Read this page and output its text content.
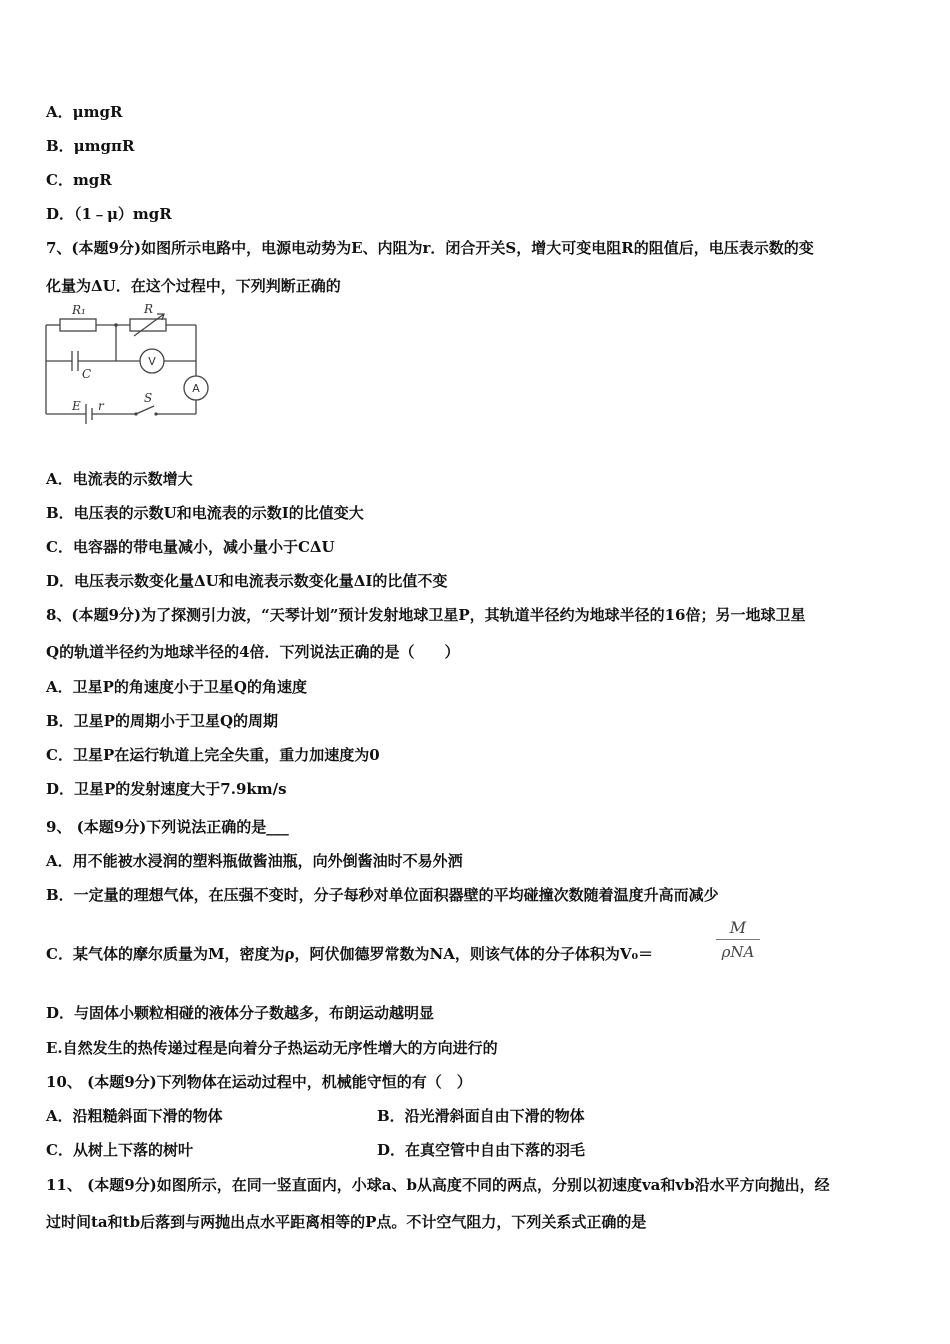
A．μmgR
B．μmgπR
C．mgR
D．（1﹣μ）mgR
7、(本题9分)如图所示电路中，电源电动势为E、内阻为r．闭合开关S，增大可变电阻R的阻值后，电压表示数的变
化量为ΔU．在这个过程中，下列判断正确的
R₁	R
C
E r
S
V
A
A．电流表的示数增大
B．电压表的示数U和电流表的示数I的比值变大
C．电容器的带电量减小，减小量小于CΔU
D．电压表示数变化量ΔU和电流表示数变化量ΔI的比值不变
8、(本题9分)为了探测引力波，“天琴计划”预计发射地球卫星P，其轨道半径约为地球半径的16倍；另一地球卫星
Q的轨道半径约为地球半径的4倍．下列说法正确的是（　　）
A．卫星P的角速度小于卫星Q的角速度
B．卫星P的周期小于卫星Q的周期
C．卫星P在运行轨道上完全失重，重力加速度为0
D．卫星P的发射速度大于7.9km/s
9、 (本题9分)下列说法正确的是___
A．用不能被水浸润的塑料瓶做酱油瓶，向外倒酱油时不易外洒
B．一定量的理想气体，在压强不变时，分子每秒对单位面积器壁的平均碰撞次数随着温度升高而减少
C．某气体的摩尔质量为M，密度为ρ，阿伏伽德罗常数为NA，则该气体的分子体积为V₀＝
M
ρNA
D．与固体小颗粒相碰的液体分子数越多，布朗运动越明显
E.自然发生的热传递过程是向着分子热运动无序性增大的方向进行的
10、 (本题9分)下列物体在运动过程中，机械能守恒的有（　）
A．沿粗糙斜面下滑的物体	B．沿光滑斜面自由下滑的物体
C．从树上下落的树叶	D．在真空管中自由下落的羽毛
11、 (本题9分)如图所示，在同一竖直面内，小球a、b从高度不同的两点，分别以初速度va和vb沿水平方向抛出，经
过时间ta和tb后落到与两抛出点水平距离相等的P点。不计空气阻力，下列关系式正确的是
